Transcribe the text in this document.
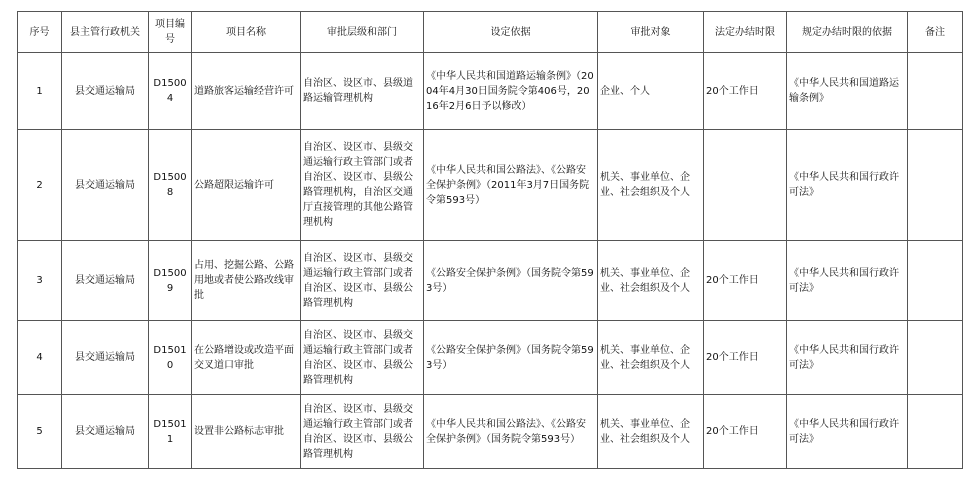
序号	县主管行政机关	项目编号	项目名称	审批层级和部门	设定依据	审批对象	法定办结时限	规定办结时限的依据	备注
1	县交通运输局	D15004	道路旅客运输经营许可	自治区、设区市、县级道路运输管理机构	《中华人民共和国道路运输条例》（2004年4月30日国务院令第406号，2016年2月6日予以修改）	企业、个人	20个工作日	《中华人民共和国道路运输条例》	
2	县交通运输局	D15008	公路超限运输许可	自治区、设区市、县级交通运输行政主管部门或者自治区、设区市、县级公路管理机构，自治区交通厅直接管理的其他公路管理机构	《中华人民共和国公路法》、《公路安全保护条例》（2011年3月7日国务院令第593号）	机关、事业单位、企业、社会组织及个人		《中华人民共和国行政许可法》	
3	县交通运输局	D15009	占用、挖掘公路、公路用地或者使公路改线审批	自治区、设区市、县级交通运输行政主管部门或者自治区、设区市、县级公路管理机构	《公路安全保护条例》（国务院令第593号）	机关、事业单位、企业、社会组织及个人	20个工作日	《中华人民共和国行政许可法》	
4	县交通运输局	D15010	在公路增设或改造平面交叉道口审批	自治区、设区市、县级交通运输行政主管部门或者自治区、设区市、县级公路管理机构	《公路安全保护条例》（国务院令第593号）	机关、事业单位、企业、社会组织及个人	20个工作日	《中华人民共和国行政许可法》	
5	县交通运输局	D15011	设置非公路标志审批	自治区、设区市、县级交通运输行政主管部门或者自治区、设区市、县级公路管理机构	《中华人民共和国公路法》、《公路安全保护条例》（国务院令第593号）	机关、事业单位、企业、社会组织及个人	20个工作日	《中华人民共和国行政许可法》	
